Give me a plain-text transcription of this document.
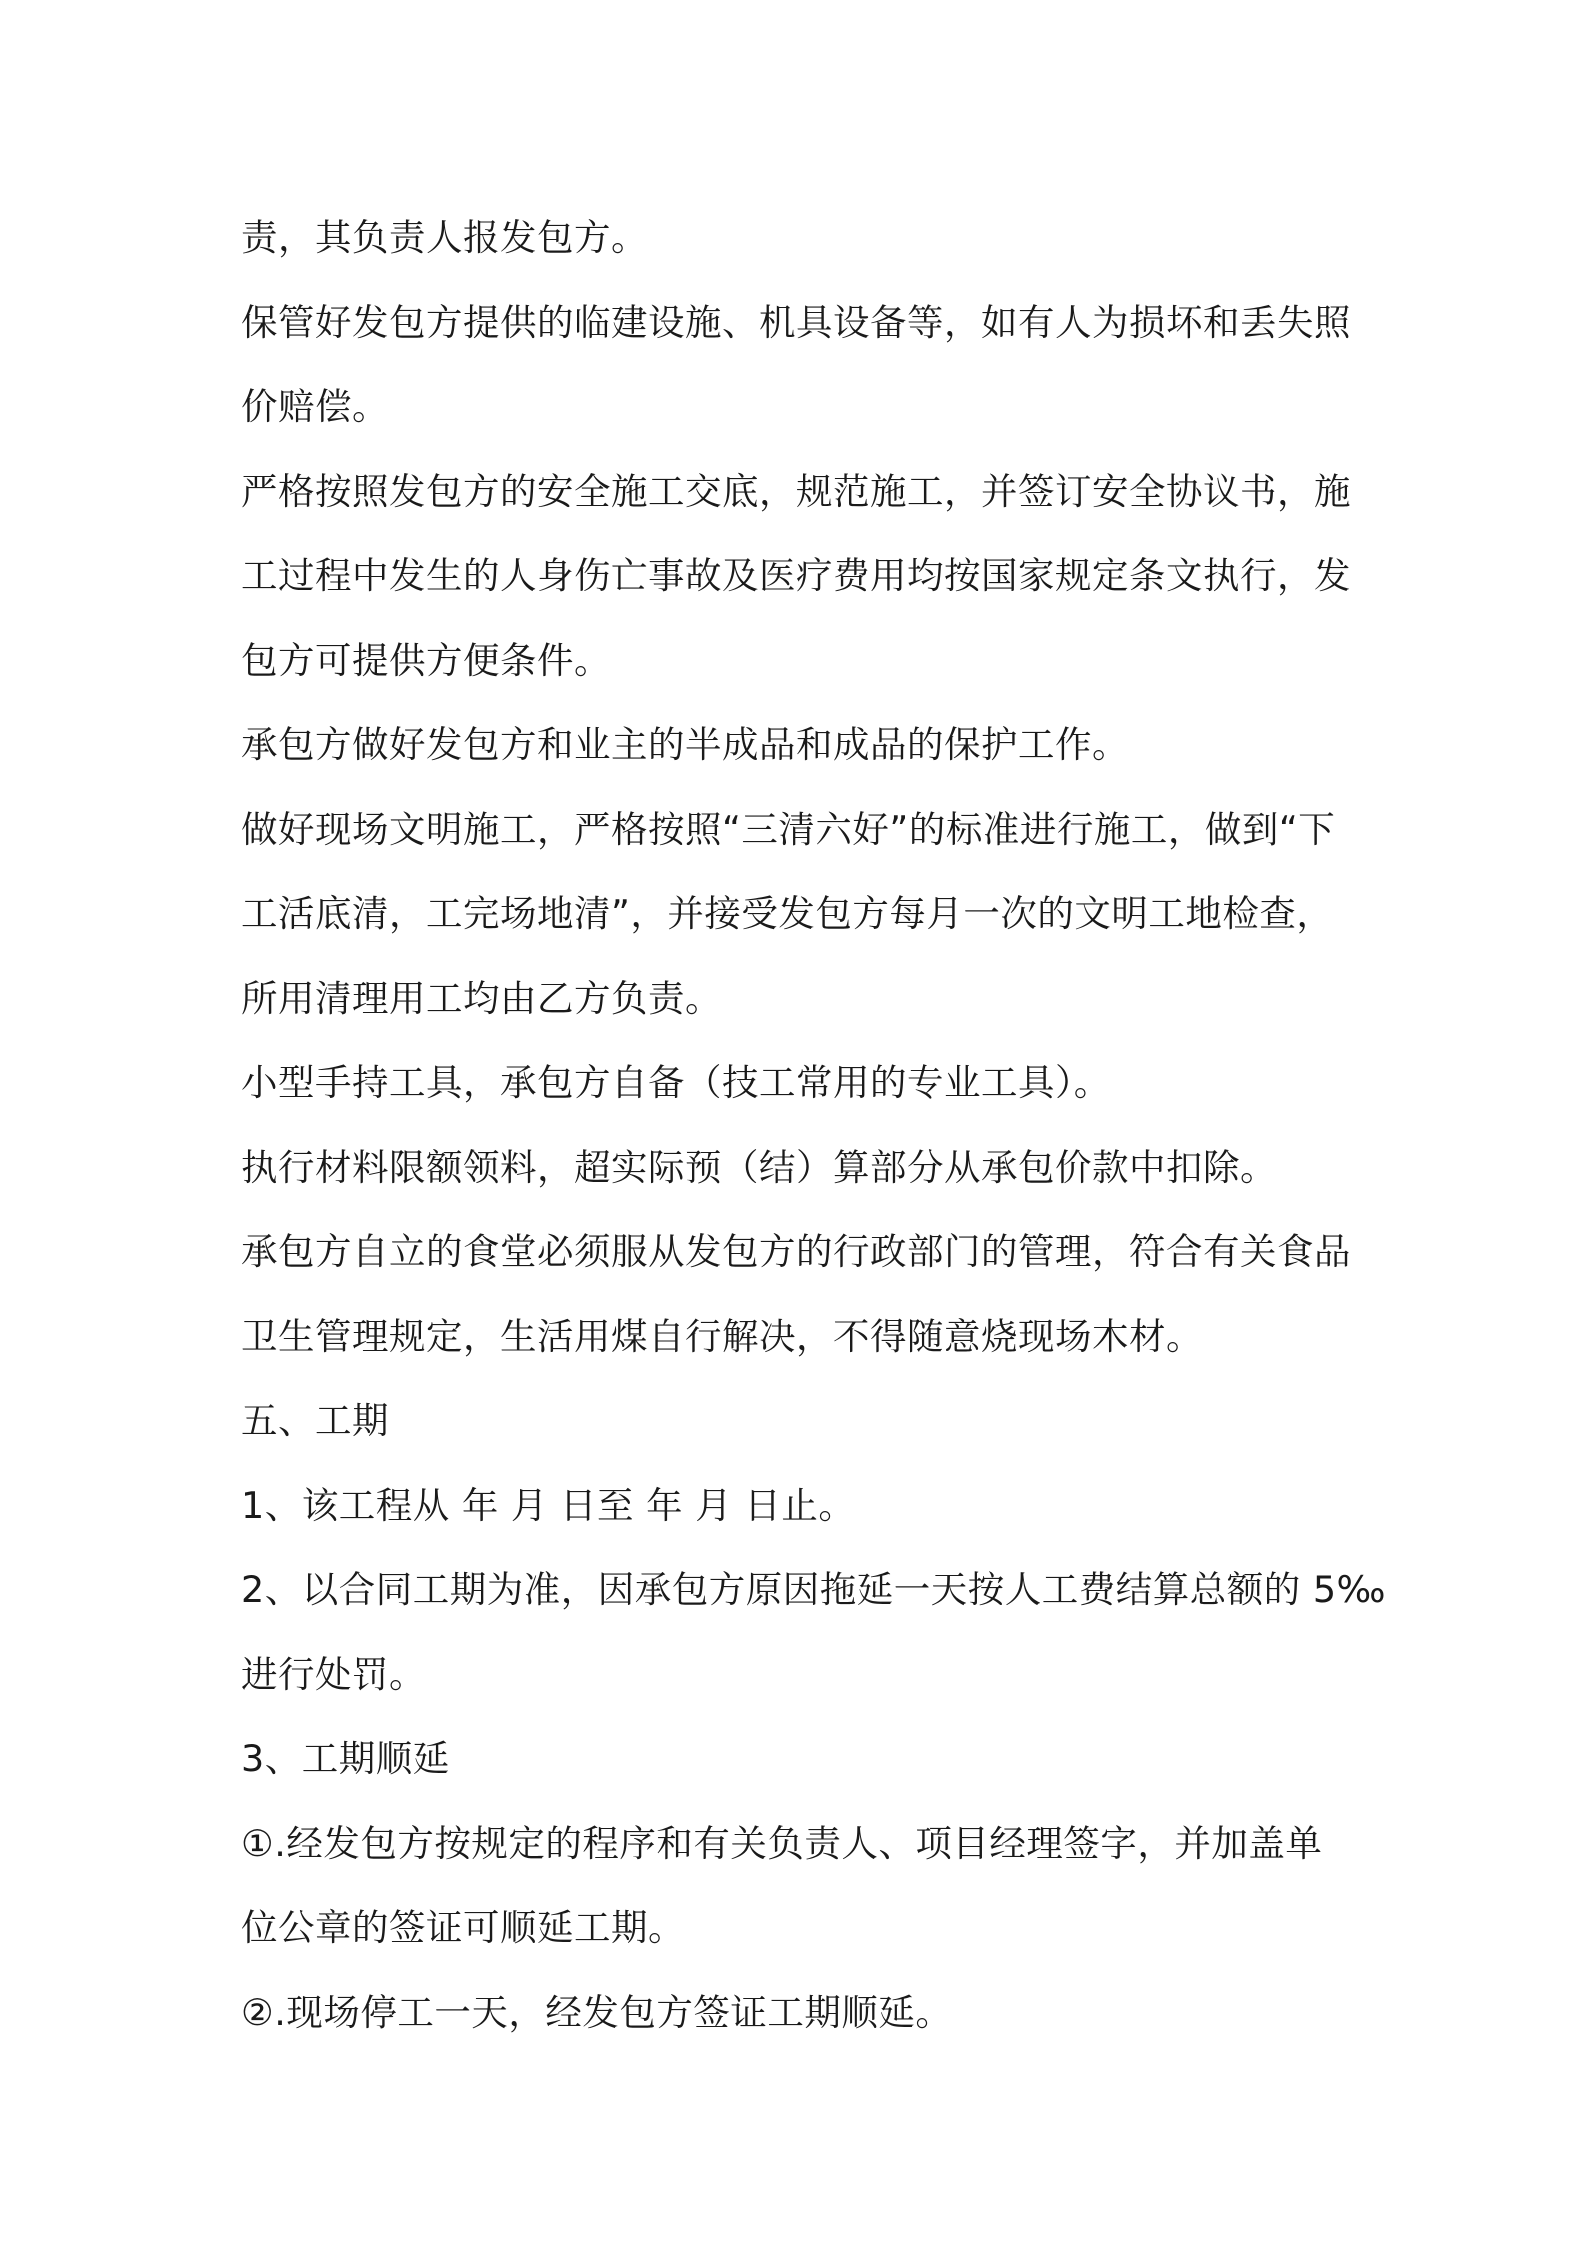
责，其负责人报发包方。
保管好发包方提供的临建设施、机具设备等，如有人为损坏和丢失照
价赔偿。
严格按照发包方的安全施工交底，规范施工，并签订安全协议书，施
工过程中发生的人身伤亡事故及医疗费用均按国家规定条文执行，发
包方可提供方便条件。
承包方做好发包方和业主的半成品和成品的保护工作。
做好现场文明施工，严格按照“三清六好”的标准进行施工，做到“下
工活底清，工完场地清”，并接受发包方每月一次的文明工地检查，
所用清理用工均由乙方负责。
小型手持工具，承包方自备（技工常用的专业工具）。
执行材料限额领料，超实际预（结）算部分从承包价款中扣除。
承包方自立的食堂必须服从发包方的行政部门的管理，符合有关食品
卫生管理规定，生活用煤自行解决，不得随意烧现场木材。
五、工期
1、该工程从 年 月 日至 年 月 日止。
2、以合同工期为准，因承包方原因拖延一天按人工费结算总额的 5‰
进行处罚。
3、工期顺延
①.经发包方按规定的程序和有关负责人、项目经理签字，并加盖单
位公章的签证可顺延工期。
②.现场停工一天，经发包方签证工期顺延。
